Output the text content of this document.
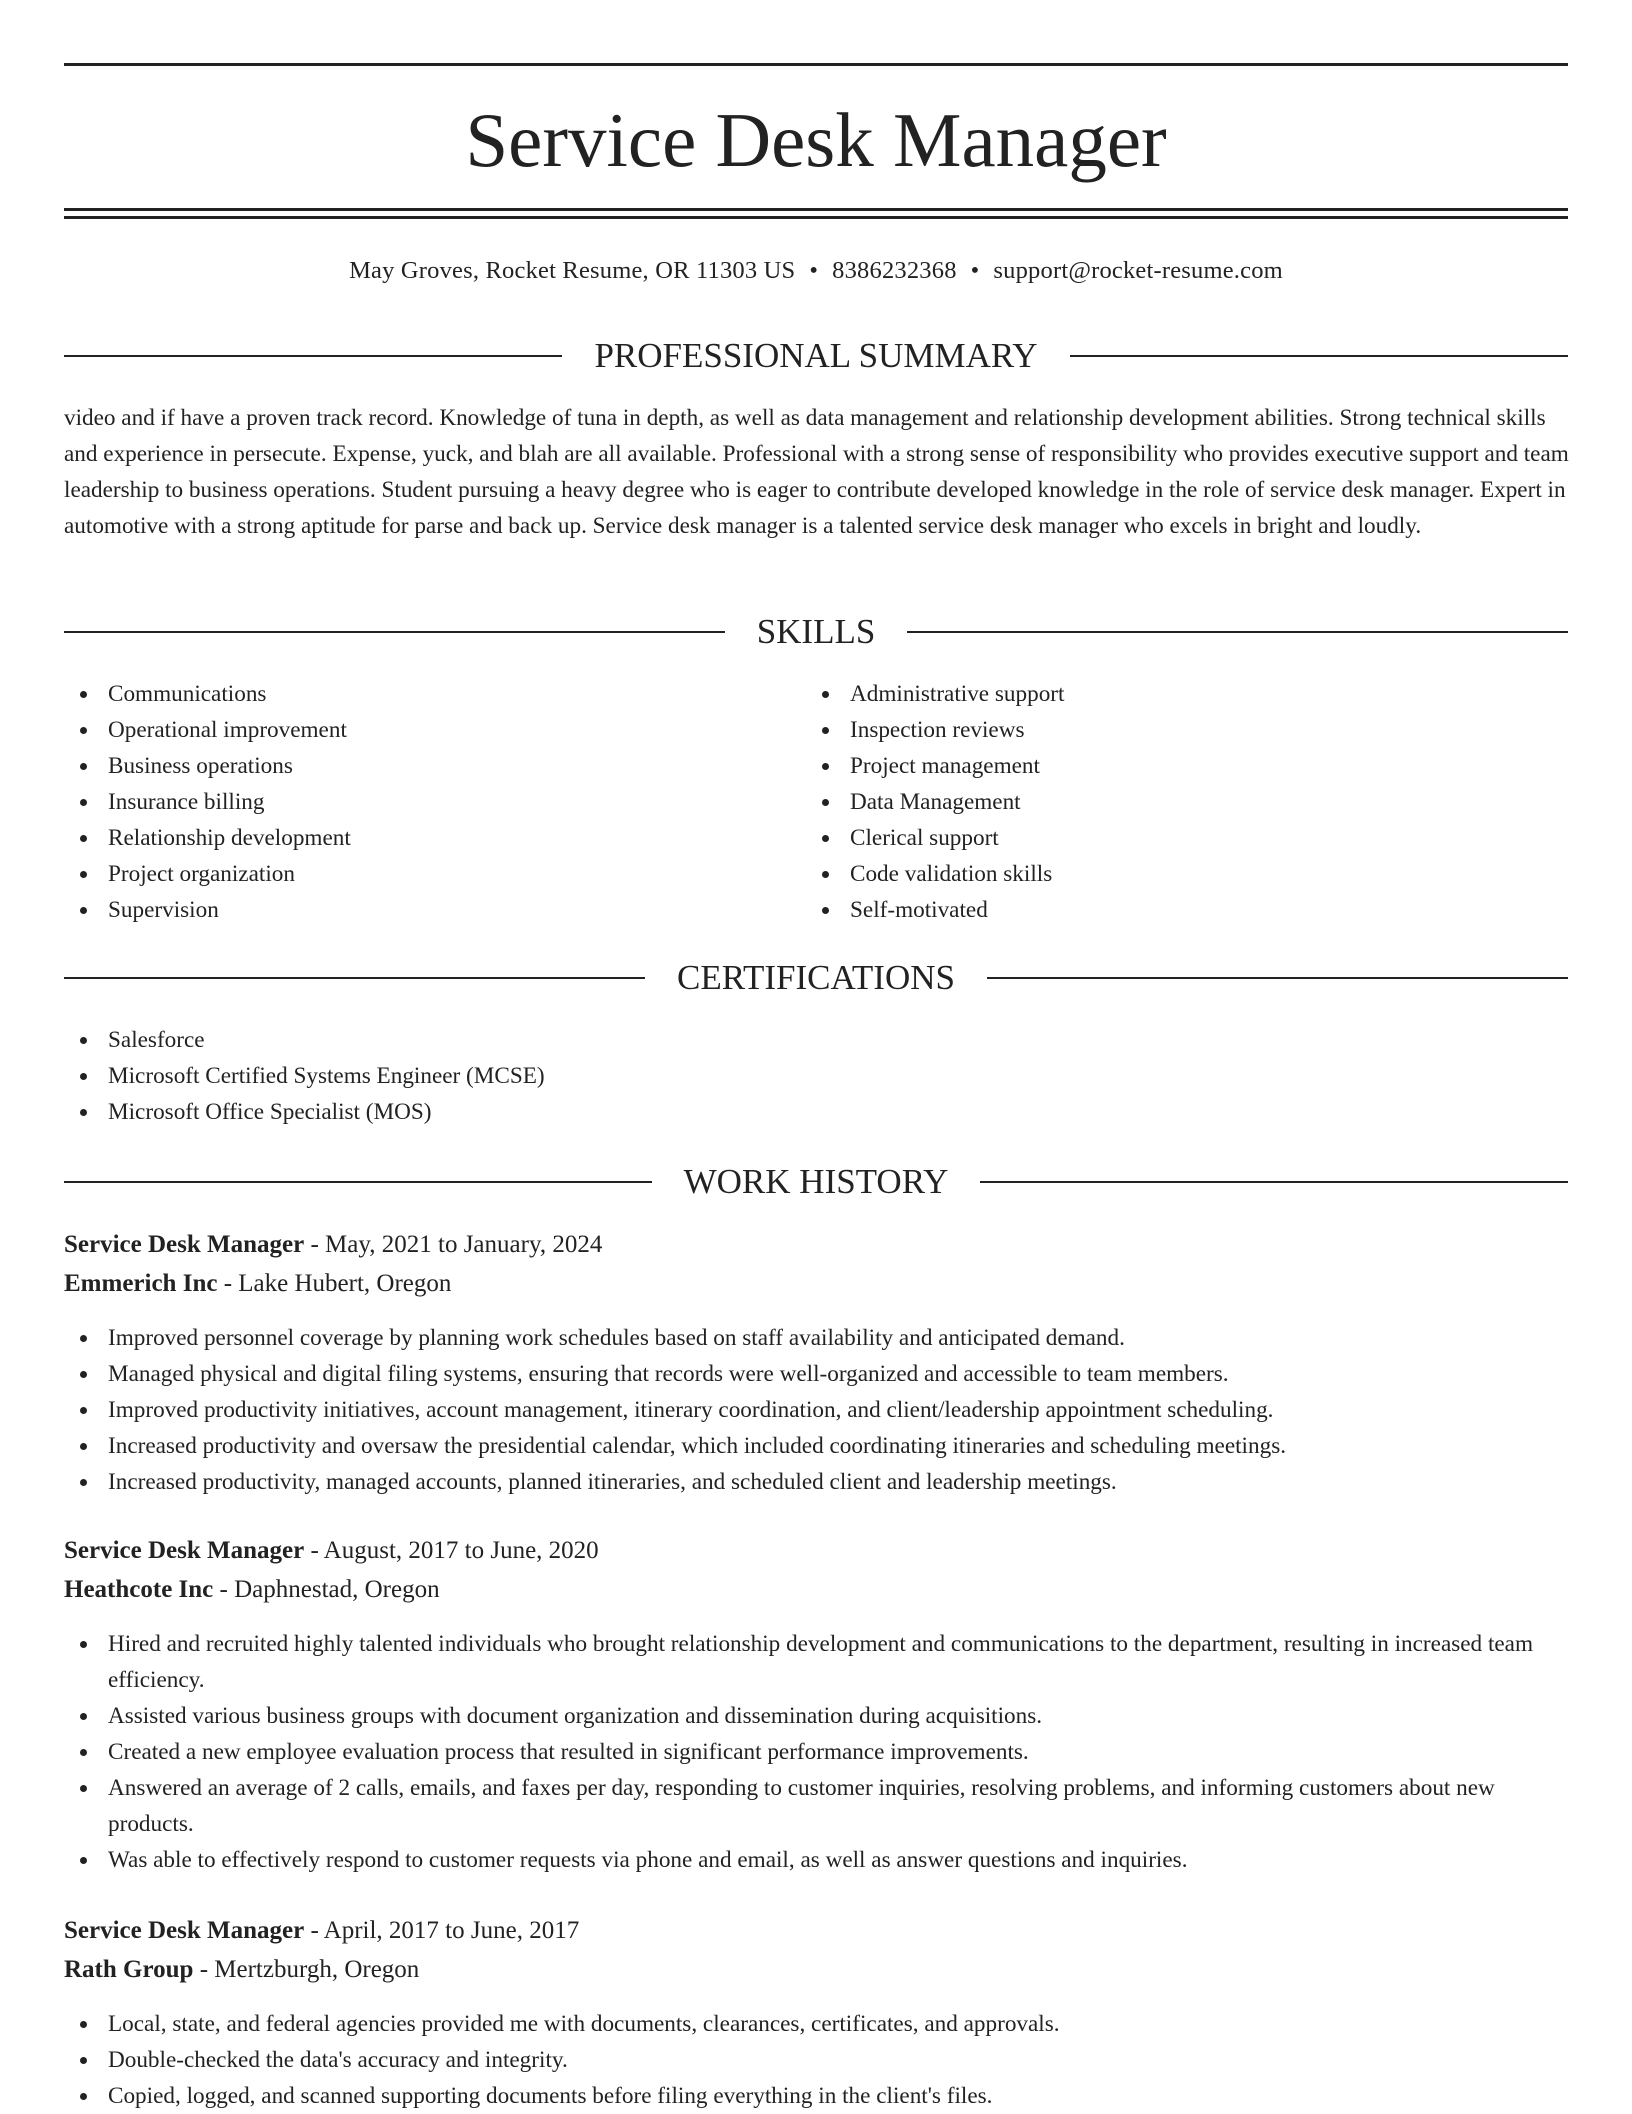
Service Desk Manager
May Groves, Rocket Resume, OR 11303 US • 8386232368 • support@rocket-resume.com
PROFESSIONAL SUMMARY

video and if have a proven track record. Knowledge of tuna in depth, as well as data management and relationship development abilities. Strong technical skills and experience in persecute. Expense, yuck, and blah are all available. Professional with a strong sense of responsibility who provides executive support and team leadership to business operations. Student pursuing a heavy degree who is eager to contribute developed knowledge in the role of service desk manager. Expert in automotive with a strong aptitude for parse and back up. Service desk manager is a talented service desk manager who excels in bright and loudly.

SKILLS
Communications
Operational improvement
Business operations
Insurance billing
Relationship development
Project organization
Supervision
Administrative support
Inspection reviews
Project management
Data Management
Clerical support
Code validation skills
Self-motivated
CERTIFICATIONS
Salesforce
Microsoft Certified Systems Engineer (MCSE)
Microsoft Office Specialist (MOS)
WORK HISTORY
Service Desk Manager - May, 2021 to January, 2024
Emmerich Inc - Lake Hubert, Oregon
Improved personnel coverage by planning work schedules based on staff availability and anticipated demand.
Managed physical and digital filing systems, ensuring that records were well-organized and accessible to team members.
Improved productivity initiatives, account management, itinerary coordination, and client/leadership appointment scheduling.
Increased productivity and oversaw the presidential calendar, which included coordinating itineraries and scheduling meetings.
Increased productivity, managed accounts, planned itineraries, and scheduled client and leadership meetings.
Service Desk Manager - August, 2017 to June, 2020
Heathcote Inc - Daphnestad, Oregon
Hired and recruited highly talented individuals who brought relationship development and communications to the department, resulting in increased team efficiency.
Assisted various business groups with document organization and dissemination during acquisitions.
Created a new employee evaluation process that resulted in significant performance improvements.
Answered an average of 2 calls, emails, and faxes per day, responding to customer inquiries, resolving problems, and informing customers about new products.
Was able to effectively respond to customer requests via phone and email, as well as answer questions and inquiries.
Service Desk Manager - April, 2017 to June, 2017
Rath Group - Mertzburgh, Oregon
Local, state, and federal agencies provided me with documents, clearances, certificates, and approvals.
Double-checked the data's accuracy and integrity.
Copied, logged, and scanned supporting documents before filing everything in the client's files.
